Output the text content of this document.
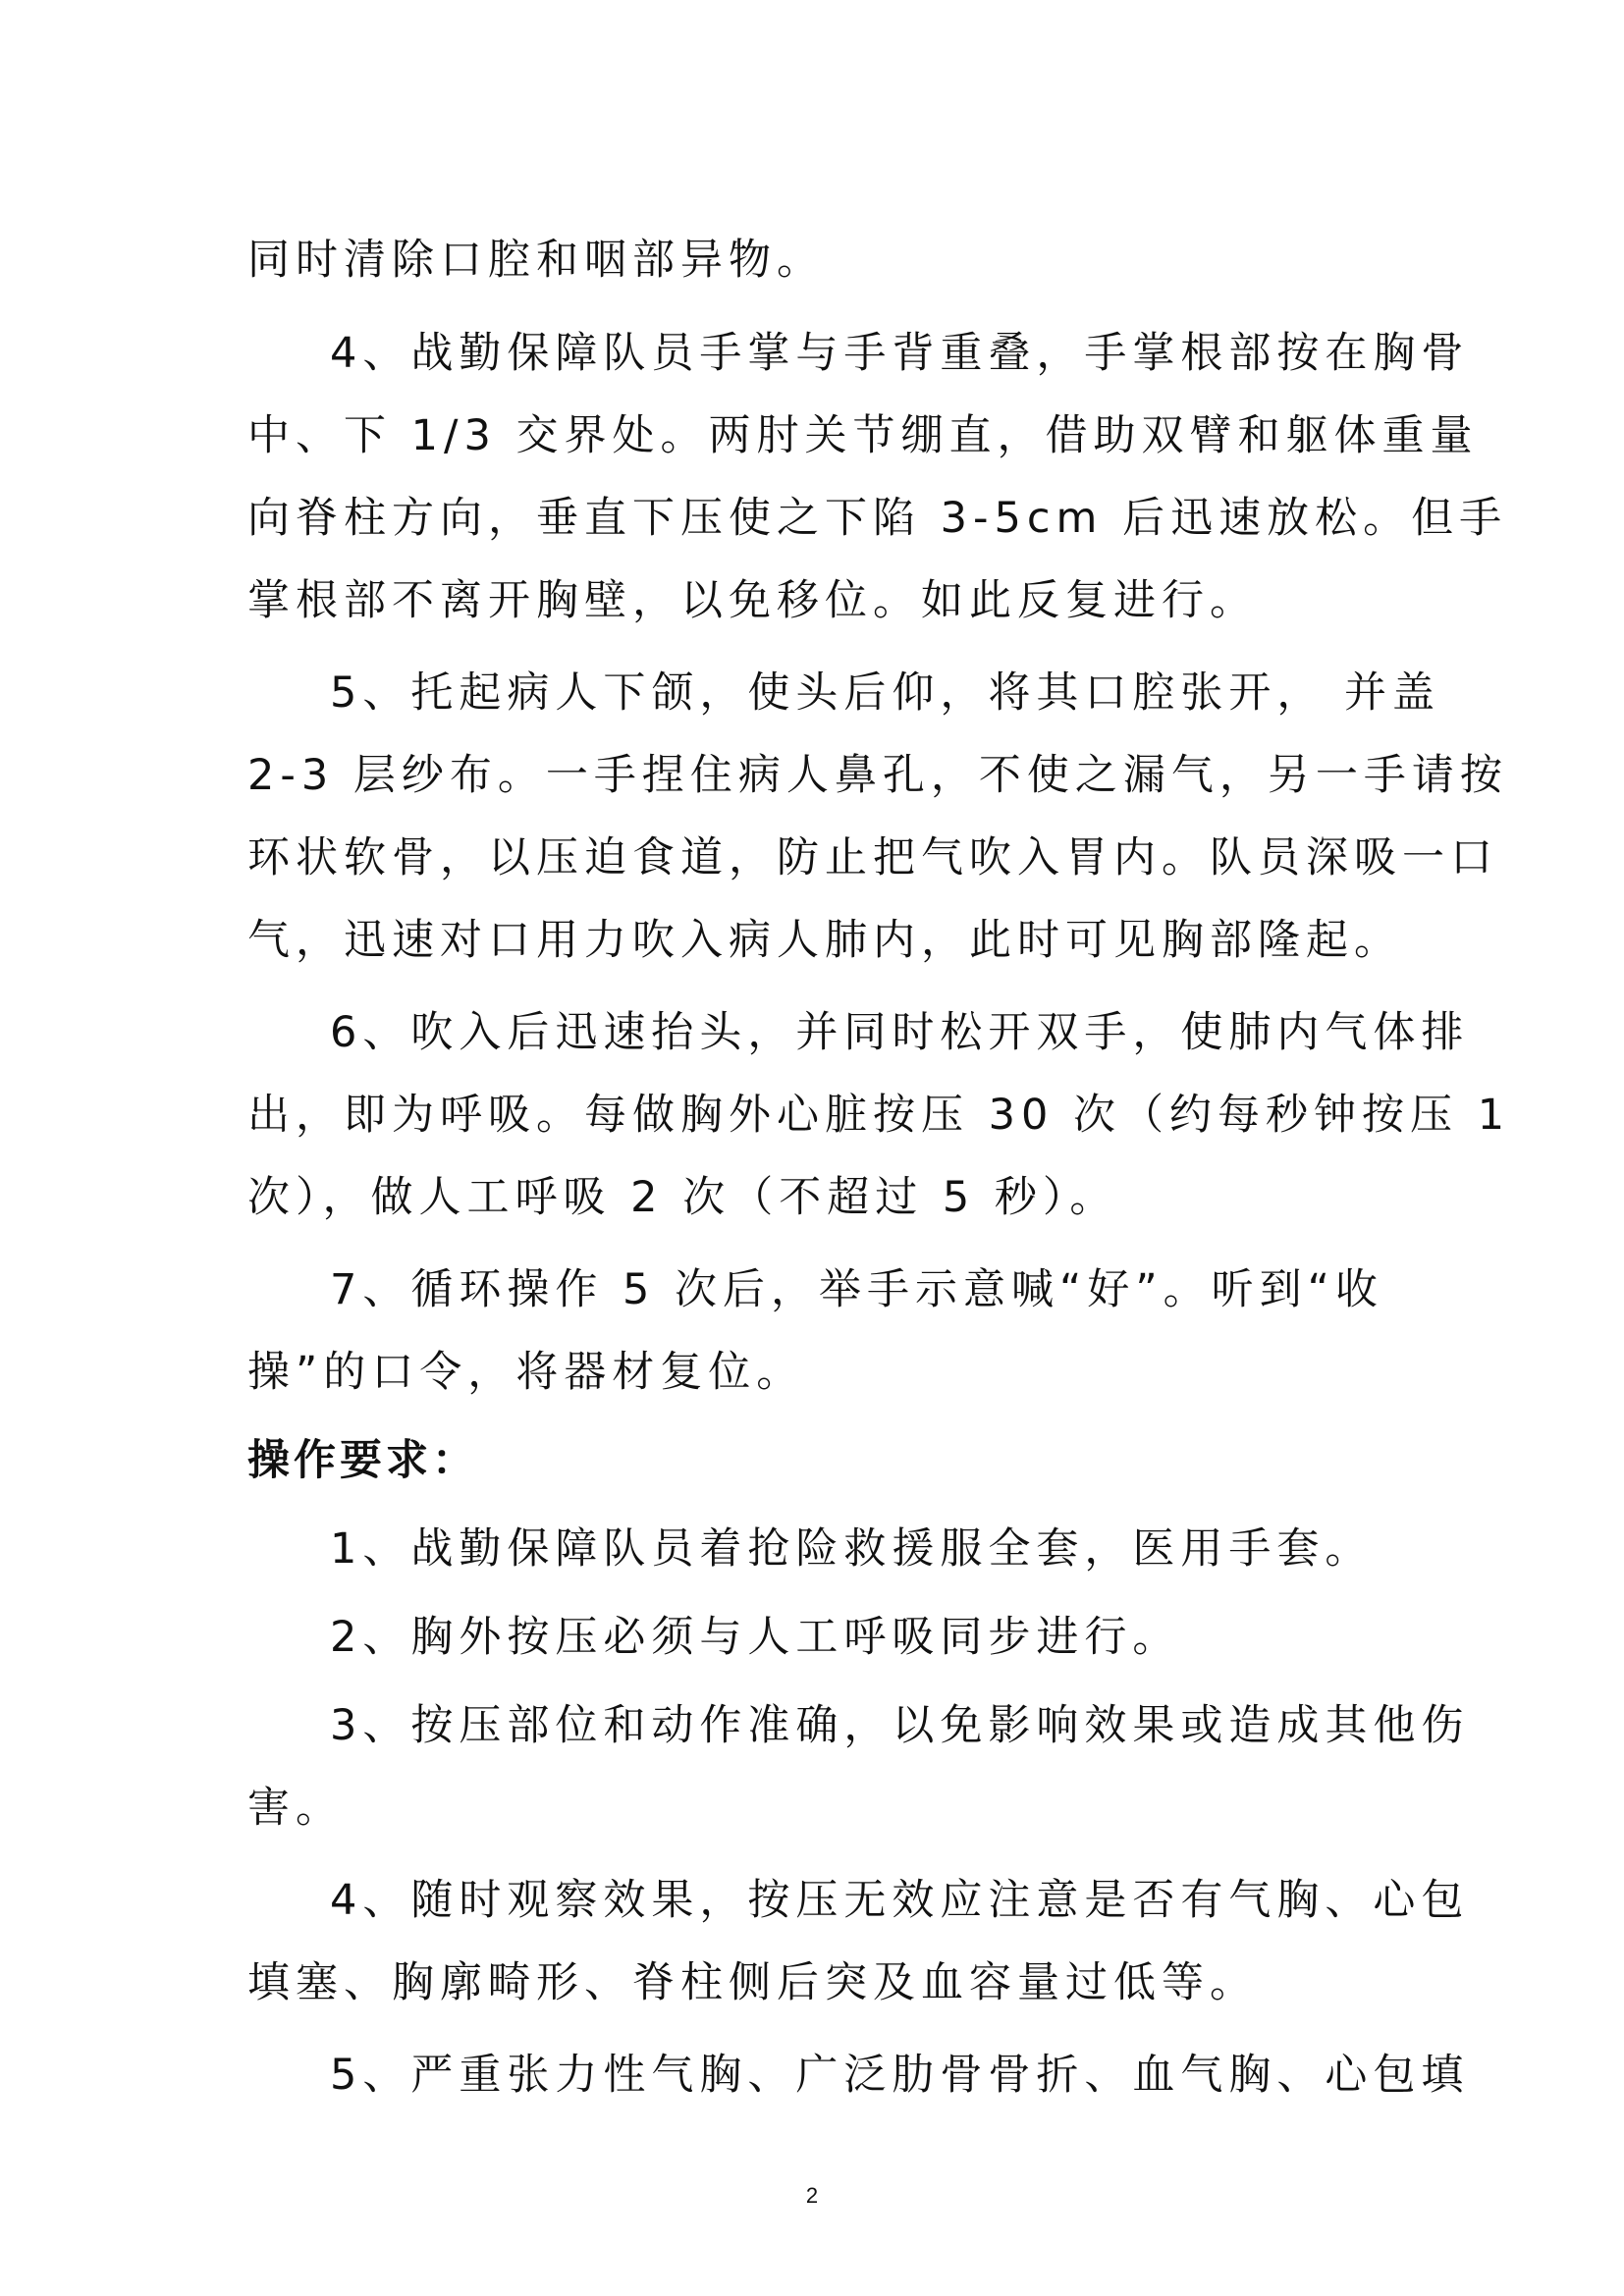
同时清除口腔和咽部异物。
4、战勤保障队员手掌与手背重叠，手掌根部按在胸骨
中、下 1/3 交界处。两肘关节绷直，借助双臂和躯体重量
向脊柱方向，垂直下压使之下陷 3-5cm 后迅速放松。但手
掌根部不离开胸壁，以免移位。如此反复进行。
5、托起病人下颌，使头后仰，将其口腔张开， 并盖
2-3 层纱布。一手捏住病人鼻孔，不使之漏气，另一手请按
环状软骨，以压迫食道，防止把气吹入胃内。队员深吸一口
气，迅速对口用力吹入病人肺内，此时可见胸部隆起。
6、吹入后迅速抬头，并同时松开双手，使肺内气体排
出，即为呼吸。每做胸外心脏按压 30 次（约每秒钟按压 1
次），做人工呼吸 2 次（不超过 5 秒）。
7、循环操作 5 次后，举手示意喊“好”。听到“收
操”的口令，将器材复位。
操作要求：
1、战勤保障队员着抢险救援服全套，医用手套。
2、胸外按压必须与人工呼吸同步进行。
3、按压部位和动作准确，以免影响效果或造成其他伤
害。
4、随时观察效果，按压无效应注意是否有气胸、心包
填塞、胸廓畸形、脊柱侧后突及血容量过低等。
5、严重张力性气胸、广泛肋骨骨折、血气胸、心包填
2
